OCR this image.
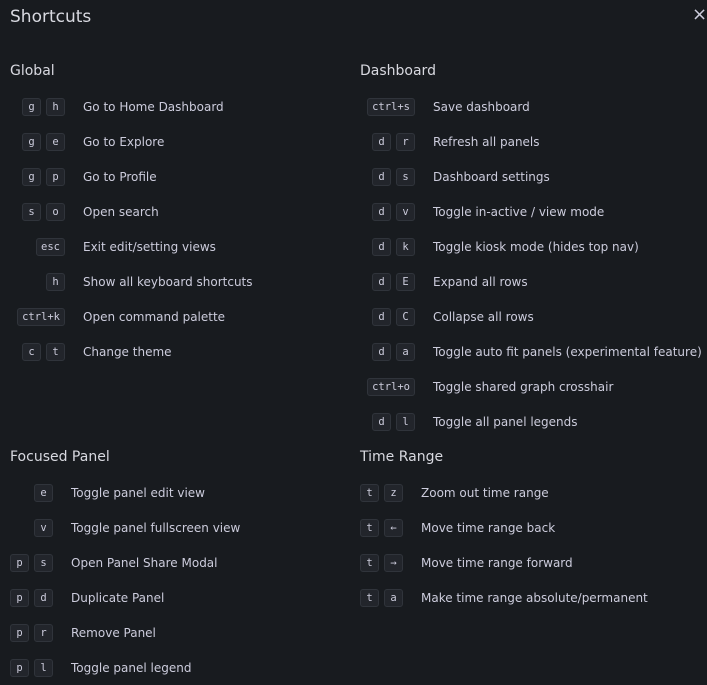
Shortcuts	×
Global
g	h	Go to Home Dashboard
g	e	Go to Explore
g	p	Go to Profile
s	o	Open search
esc	Exit edit/setting views
h	Show all keyboard shortcuts
ctrl+k	Open command palette
c	t	Change theme
Dashboard
ctrl+s	Save dashboard
d	r	Refresh all panels
d	s	Dashboard settings
d	v	Toggle in-active / view mode
d	k	Toggle kiosk mode (hides top nav)
d	E	Expand all rows
d	C	Collapse all rows
d	a	Toggle auto fit panels (experimental feature)
ctrl+o	Toggle shared graph crosshair
d	l	Toggle all panel legends
Focused Panel
e	Toggle panel edit view
v	Toggle panel fullscreen view
p	s	Open Panel Share Modal
p	d	Duplicate Panel
p	r	Remove Panel
p	l	Toggle panel legend
Time Range
t	z	Zoom out time range
t	←	Move time range back
t	→	Move time range forward
t	a	Make time range absolute/permanent
